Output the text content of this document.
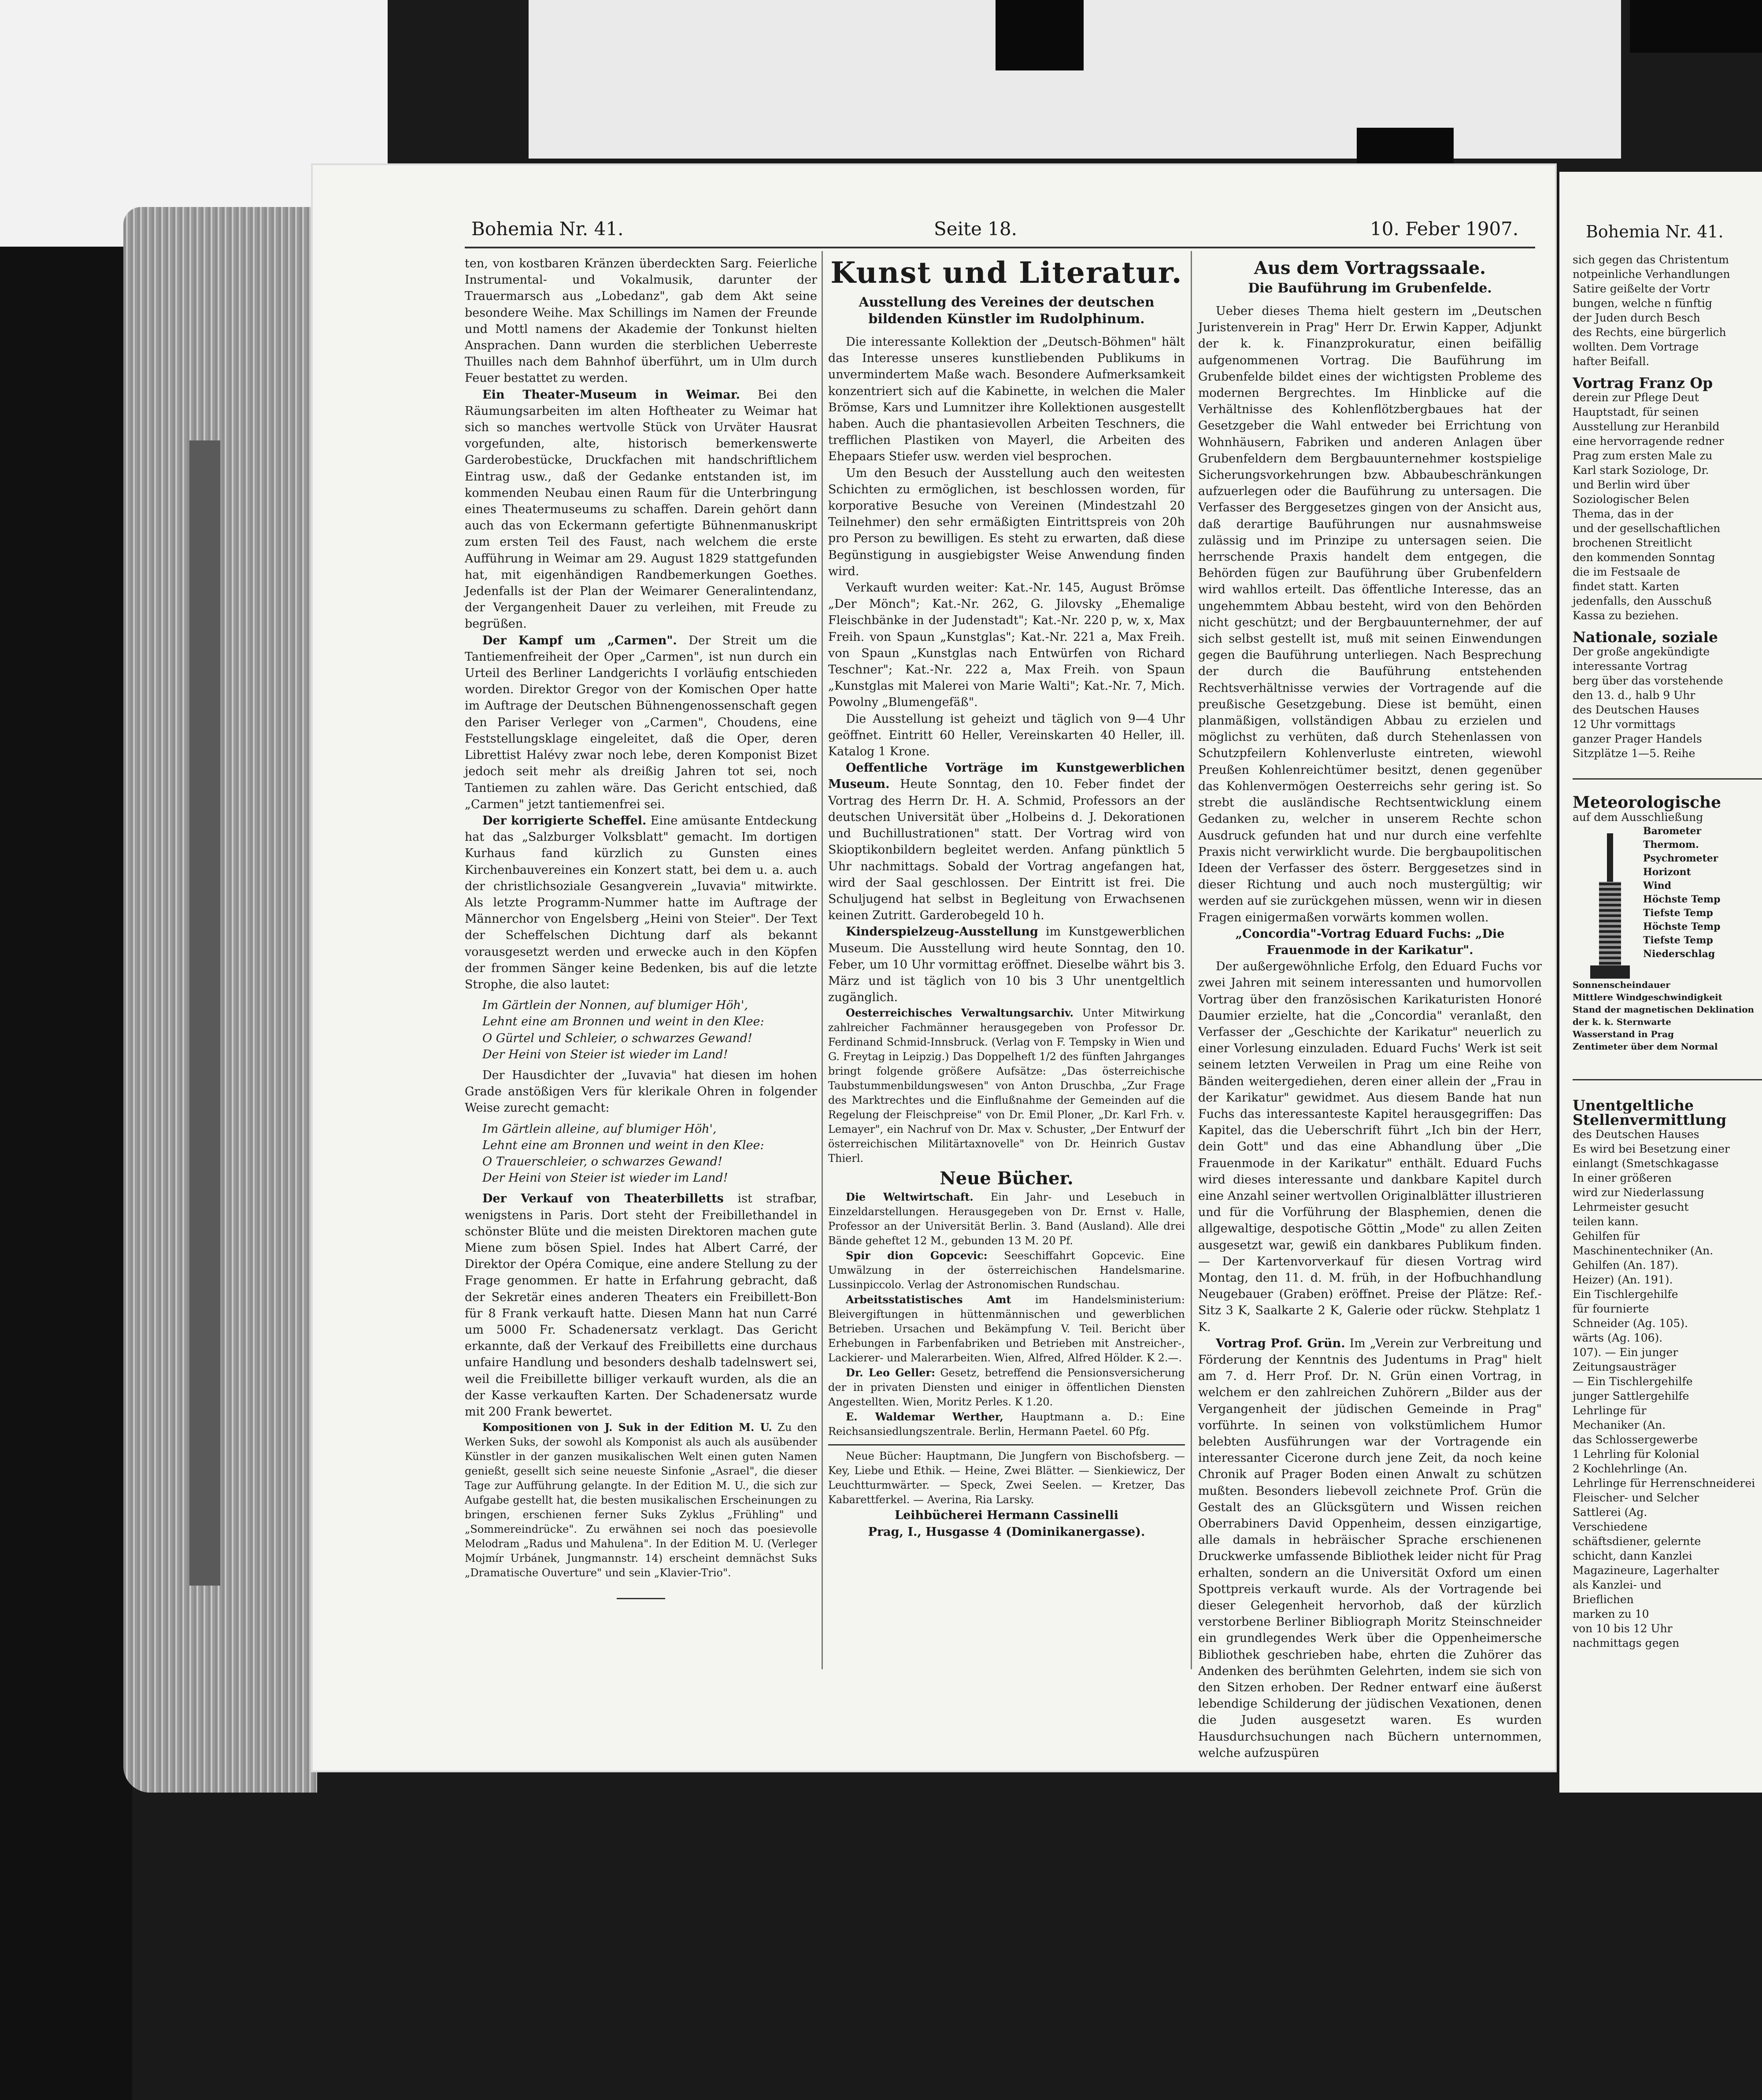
Bohemia Nr. 41.	Seite 18.	10. Feber 1907.

ten, von kostbaren Kränzen überdeckten Sarg. Feierliche Instrumental- und Vokalmusik, darunter der Trauermarsch aus „Lobedanz", gab dem Akt seine besondere Weihe. Max Schillings im Namen der Freunde und Mottl namens der Akademie der Tonkunst hielten Ansprachen. Dann wurden die sterblichen Ueberreste Thuilles nach dem Bahnhof überführt, um in Ulm durch Feuer bestattet zu werden.

Ein Theater-Museum in Weimar. Bei den Räumungsarbeiten im alten Hoftheater zu Weimar hat sich so manches wertvolle Stück von Urväter Hausrat vorgefunden, alte, historisch bemerkenswerte Garderobestücke, Druckfachen mit handschriftlichem Eintrag usw., daß der Gedanke entstanden ist, im kommenden Neubau einen Raum für die Unterbringung eines Theatermuseums zu schaffen. Darein gehört dann auch das von Eckermann gefertigte Bühnenmanuskript zum ersten Teil des Faust, nach welchem die erste Aufführung in Weimar am 29. August 1829 stattgefunden hat, mit eigenhändigen Randbemerkungen Goethes. Jedenfalls ist der Plan der Weimarer Generalintendanz, der Vergangenheit Dauer zu verleihen, mit Freude zu begrüßen.

Der Kampf um „Carmen". Der Streit um die Tantiemenfreiheit der Oper „Carmen", ist nun durch ein Urteil des Berliner Landgerichts I vorläufig entschieden worden. Direktor Gregor von der Komischen Oper hatte im Auftrage der Deutschen Bühnengenossenschaft gegen den Pariser Verleger von „Carmen", Choudens, eine Feststellungsklage eingeleitet, daß die Oper, deren Librettist Halévy zwar noch lebe, deren Komponist Bizet jedoch seit mehr als dreißig Jahren tot sei, noch Tantiemen zu zahlen wäre. Das Gericht entschied, daß „Carmen" jetzt tantiemenfrei sei.

Der korrigierte Scheffel. Eine amüsante Entdeckung hat das „Salzburger Volksblatt" gemacht. Im dortigen Kurhaus fand kürzlich zu Gunsten eines Kirchenbauvereines ein Konzert statt, bei dem u. a. auch der christlichsoziale Gesangverein „Iuvavia" mitwirkte. Als letzte Programm-Nummer hatte im Auftrage der Männerchor von Engelsberg „Heini von Steier". Der Text der Scheffelschen Dichtung darf als bekannt vorausgesetzt werden und erwecke auch in den Köpfen der frommen Sänger keine Bedenken, bis auf die letzte Strophe, die also lautet:

Im Gärtlein der Nonnen, auf blumiger Höh',

Lehnt eine am Bronnen und weint in den Klee:

O Gürtel und Schleier, o schwarzes Gewand!

Der Heini von Steier ist wieder im Land!

Der Hausdichter der „Iuvavia" hat diesen im hohen Grade anstößigen Vers für klerikale Ohren in folgender Weise zurecht gemacht:

Im Gärtlein alleine, auf blumiger Höh',

Lehnt eine am Bronnen und weint in den Klee:

O Trauerschleier, o schwarzes Gewand!

Der Heini von Steier ist wieder im Land!

Der Verkauf von Theaterbilletts ist strafbar, wenigstens in Paris. Dort steht der Freibillethandel in schönster Blüte und die meisten Direktoren machen gute Miene zum bösen Spiel. Indes hat Albert Carré, der Direktor der Opéra Comique, eine andere Stellung zu der Frage genommen. Er hatte in Erfahrung gebracht, daß der Sekretär eines anderen Theaters ein Freibillett-Bon für 8 Frank verkauft hatte. Diesen Mann hat nun Carré um 5000 Fr. Schadenersatz verklagt. Das Gericht erkannte, daß der Verkauf des Freibilletts eine durchaus unfaire Handlung und besonders deshalb tadelnswert sei, weil die Freibillette billiger verkauft wurden, als die an der Kasse verkauften Karten. Der Schadenersatz wurde mit 200 Frank bewertet.

Kompositionen von J. Suk in der Edition M. U. Zu den Werken Suks, der sowohl als Komponist als auch als ausübender Künstler in der ganzen musikalischen Welt einen guten Namen genießt, gesellt sich seine neueste Sinfonie „Asrael", die dieser Tage zur Aufführung gelangte. In der Edition M. U., die sich zur Aufgabe gestellt hat, die besten musikalischen Erscheinungen zu bringen, erschienen ferner Suks Zyklus „Frühling" und „Sommereindrücke". Zu erwähnen sei noch das poesievolle Melodram „Radus und Mahulena". In der Edition M. U. (Verleger Mojmír Urbánek, Jungmannstr. 14) erscheint demnächst Suks „Dramatische Ouverture" und sein „Klavier-Trio".

Kunst und Literatur.
Ausstellung des Vereines der deutschen bildenden Künstler im Rudolphinum.

Die interessante Kollektion der „Deutsch-Böhmen" hält das Interesse unseres kunstliebenden Publikums in unvermindertem Maße wach. Besondere Aufmerksamkeit konzentriert sich auf die Kabinette, in welchen die Maler Brömse, Kars und Lumnitzer ihre Kollektionen ausgestellt haben. Auch die phantasievollen Arbeiten Teschners, die trefflichen Plastiken von Mayerl, die Arbeiten des Ehepaars Stiefer usw. werden viel besprochen.

Um den Besuch der Ausstellung auch den weitesten Schichten zu ermöglichen, ist beschlossen worden, für korporative Besuche von Vereinen (Mindestzahl 20 Teilnehmer) den sehr ermäßigten Eintrittspreis von 20h pro Person zu bewilligen. Es steht zu erwarten, daß diese Begünstigung in ausgiebigster Weise Anwendung finden wird.

Verkauft wurden weiter: Kat.-Nr. 145, August Brömse „Der Mönch"; Kat.-Nr. 262, G. Jilovsky „Ehemalige Fleischbänke in der Judenstadt"; Kat.-Nr. 220 p, w, x, Max Freih. von Spaun „Kunstglas"; Kat.-Nr. 221 a, Max Freih. von Spaun „Kunstglas nach Entwürfen von Richard Teschner"; Kat.-Nr. 222 a, Max Freih. von Spaun „Kunstglas mit Malerei von Marie Walti"; Kat.-Nr. 7, Mich. Powolny „Blumengefäß".

Die Ausstellung ist geheizt und täglich von 9—4 Uhr geöffnet. Eintritt 60 Heller, Vereinskarten 40 Heller, ill. Katalog 1 Krone.

Oeffentliche Vorträge im Kunstgewerblichen Museum. Heute Sonntag, den 10. Feber findet der Vortrag des Herrn Dr. H. A. Schmid, Professors an der deutschen Universität über „Holbeins d. J. Dekorationen und Buchillustrationen" statt. Der Vortrag wird von Skioptikonbildern begleitet werden. Anfang pünktlich 5 Uhr nachmittags. Sobald der Vortrag angefangen hat, wird der Saal geschlossen. Der Eintritt ist frei. Die Schuljugend hat selbst in Begleitung von Erwachsenen keinen Zutritt. Garderobegeld 10 h.

Kinderspielzeug-Ausstellung im Kunstgewerblichen Museum. Die Ausstellung wird heute Sonntag, den 10. Feber, um 10 Uhr vormittag eröffnet. Dieselbe währt bis 3. März und ist täglich von 10 bis 3 Uhr unentgeltlich zugänglich.

Oesterreichisches Verwaltungsarchiv. Unter Mitwirkung zahlreicher Fachmänner herausgegeben von Professor Dr. Ferdinand Schmid-Innsbruck. (Verlag von F. Tempsky in Wien und G. Freytag in Leipzig.) Das Doppelheft 1/2 des fünften Jahrganges bringt folgende größere Aufsätze: „Das österreichische Taubstummenbildungswesen" von Anton Druschba, „Zur Frage des Marktrechtes und die Einflußnahme der Gemeinden auf die Regelung der Fleischpreise" von Dr. Emil Ploner, „Dr. Karl Frh. v. Lemayer", ein Nachruf von Dr. Max v. Schuster, „Der Entwurf der österreichischen Militärtaxnovelle" von Dr. Heinrich Gustav Thierl.

Neue Bücher.

Die Weltwirtschaft. Ein Jahr- und Lesebuch in Einzeldarstellungen. Herausgegeben von Dr. Ernst v. Halle, Professor an der Universität Berlin. 3. Band (Ausland). Alle drei Bände geheftet 12 M., gebunden 13 M. 20 Pf.

Spir dion Gopcevic: Seeschiffahrt Gopcevic. Eine Umwälzung in der österreichischen Handelsmarine. Lussinpiccolo. Verlag der Astronomischen Rundschau.

Arbeitsstatistisches Amt im Handelsministerium: Bleivergiftungen in hüttenmännischen und gewerblichen Betrieben. Ursachen und Bekämpfung V. Teil. Bericht über Erhebungen in Farbenfabriken und Betrieben mit Anstreicher-, Lackierer- und Malerarbeiten. Wien, Alfred, Alfred Hölder. K 2.—.

Dr. Leo Geller: Gesetz, betreffend die Pensionsversicherung der in privaten Diensten und einiger in öffentlichen Diensten Angestellten. Wien, Moritz Perles. K 1.20.

E. Waldemar Werther, Hauptmann a. D.: Eine Reichsansiedlungszentrale. Berlin, Hermann Paetel. 60 Pfg.

Neue Bücher: Hauptmann, Die Jungfern von Bischofsberg. — Key, Liebe und Ethik. — Heine, Zwei Blätter. — Sienkiewicz, Der Leuchtturmwärter. — Speck, Zwei Seelen. — Kretzer, Das Kabarettferkel. — Averina, Ria Larsky.

Leihbücherei Hermann Cassinelli

Prag, I., Husgasse 4 (Dominikanergasse).

Aus dem Vortragssaale.
Die Bauführung im Grubenfelde.

Ueber dieses Thema hielt gestern im „Deutschen Juristenverein in Prag" Herr Dr. Erwin Kapper, Adjunkt der k. k. Finanzprokuratur, einen beifällig aufgenommenen Vortrag. Die Bauführung im Grubenfelde bildet eines der wichtigsten Probleme des modernen Bergrechtes. Im Hinblicke auf die Verhältnisse des Kohlenflötzbergbaues hat der Gesetzgeber die Wahl entweder bei Errichtung von Wohnhäusern, Fabriken und anderen Anlagen über Grubenfeldern dem Bergbauunternehmer kostspielige Sicherungsvorkehrungen bzw. Abbaubeschränkungen aufzuerlegen oder die Bauführung zu untersagen. Die Verfasser des Berggesetzes gingen von der Ansicht aus, daß derartige Bauführungen nur ausnahmsweise zulässig und im Prinzipe zu untersagen seien. Die herrschende Praxis handelt dem entgegen, die Behörden fügen zur Bauführung über Grubenfeldern wird wahllos erteilt. Das öffentliche Interesse, das an ungehemmtem Abbau besteht, wird von den Behörden nicht geschützt; und der Bergbauunternehmer, der auf sich selbst gestellt ist, muß mit seinen Einwendungen gegen die Bauführung unterliegen. Nach Besprechung der durch die Bauführung entstehenden Rechtsverhältnisse verwies der Vortragende auf die preußische Gesetzgebung. Diese ist bemüht, einen planmäßigen, vollständigen Abbau zu erzielen und möglichst zu verhüten, daß durch Stehenlassen von Schutzpfeilern Kohlenverluste eintreten, wiewohl Preußen Kohlenreichtümer besitzt, denen gegenüber das Kohlenvermögen Oesterreichs sehr gering ist. So strebt die ausländische Rechtsentwicklung einem Gedanken zu, welcher in unserem Rechte schon Ausdruck gefunden hat und nur durch eine verfehlte Praxis nicht verwirklicht wurde. Die bergbaupolitischen Ideen der Verfasser des österr. Berggesetzes sind in dieser Richtung und auch noch mustergültig; wir werden auf sie zurückgehen müssen, wenn wir in diesen Fragen einigermaßen vorwärts kommen wollen.

„Concordia"-Vortrag Eduard Fuchs: „Die Frauenmode in der Karikatur".

Der außergewöhnliche Erfolg, den Eduard Fuchs vor zwei Jahren mit seinem interessanten und humorvollen Vortrag über den französischen Karikaturisten Honoré Daumier erzielte, hat die „Concordia" veranlaßt, den Verfasser der „Geschichte der Karikatur" neuerlich zu einer Vorlesung einzuladen. Eduard Fuchs' Werk ist seit seinem letzten Verweilen in Prag um eine Reihe von Bänden weitergediehen, deren einer allein der „Frau in der Karikatur" gewidmet. Aus diesem Bande hat nun Fuchs das interessanteste Kapitel herausgegriffen: Das Kapitel, das die Ueberschrift führt „Ich bin der Herr, dein Gott" und das eine Abhandlung über „Die Frauenmode in der Karikatur" enthält. Eduard Fuchs wird dieses interessante und dankbare Kapitel durch eine Anzahl seiner wertvollen Originalblätter illustrieren und für die Vorführung der Blasphemien, denen die allgewaltige, despotische Göttin „Mode" zu allen Zeiten ausgesetzt war, gewiß ein dankbares Publikum finden. — Der Kartenvorverkauf für diesen Vortrag wird Montag, den 11. d. M. früh, in der Hofbuchhandlung Neugebauer (Graben) eröffnet. Preise der Plätze: Ref.-Sitz 3 K, Saalkarte 2 K, Galerie oder rückw. Stehplatz 1 K.

Vortrag Prof. Grün. Im „Verein zur Verbreitung und Förderung der Kenntnis des Judentums in Prag" hielt am 7. d. Herr Prof. Dr. N. Grün einen Vortrag, in welchem er den zahlreichen Zuhörern „Bilder aus der Vergangenheit der jüdischen Gemeinde in Prag" vorführte. In seinen von volkstümlichem Humor belebten Ausführungen war der Vortragende ein interessanter Cicerone durch jene Zeit, da noch keine Chronik auf Prager Boden einen Anwalt zu schützen mußten. Besonders liebevoll zeichnete Prof. Grün die Gestalt des an Glücksgütern und Wissen reichen Oberrabiners David Oppenheim, dessen einzigartige, alle damals in hebräischer Sprache erschienenen Druckwerke umfassende Bibliothek leider nicht für Prag erhalten, sondern an die Universität Oxford um einen Spottpreis verkauft wurde. Als der Vortragende bei dieser Gelegenheit hervorhob, daß der kürzlich verstorbene Berliner Bibliograph Moritz Steinschneider ein grundlegendes Werk über die Oppenheimersche Bibliothek geschrieben habe, ehrten die Zuhörer das Andenken des berühmten Gelehrten, indem sie sich von den Sitzen erhoben. Der Redner entwarf eine äußerst lebendige Schilderung der jüdischen Vexationen, denen die Juden ausgesetzt waren. Es wurden Hausdurchsuchungen nach Büchern unternommen, welche aufzuspüren

Bohemia Nr. 41.

sich gegen das Christentum

notpeinliche Verhandlungen

Satire geißelte der Vortr

bungen, welche n fünftig

der Juden durch Besch

des Rechts, eine bürgerlich

wollten. Dem Vortrage

hafter Beifall.

Vortrag Franz Op

derein zur Pflege Deut

Hauptstadt, für seinen

Ausstellung zur Heranbild

eine hervorragende redner

Prag zum ersten Male zu

Karl stark Soziologe, Dr.

und Berlin wird über

Soziologischer Belen

Thema, das in der

und der gesellschaftlichen

brochenen Streitlicht

den kommenden Sonntag

die im Festsaale de

findet statt. Karten

jedenfalls, den Ausschuß

Kassa zu beziehen.

Nationale, soziale

Der große angekündigte

interessante Vortrag

berg über das vorstehende

den 13. d., halb 9 Uhr

des Deutschen Hauses

12 Uhr vormittags

ganzer Prager Handels

Sitzplätze 1—5. Reihe

Meteorologische

auf dem Ausschließung

Barometer

Thermom.

Psychrometer

Horizont

Wind

Höchste Temp

Tiefste Temp

Höchste Temp

Tiefste Temp

Niederschlag

Sonnenscheindauer

Mittlere Windgeschwindigkeit

Stand der magnetischen Deklination

der k. k. Sternwarte

Wasserstand in Prag

Zentimeter über dem Normal

Unentgeltliche Stellenvermittlung

des Deutschen Hauses

Es wird bei Besetzung einer

einlangt (Smetschkagasse

In einer größeren

wird zur Niederlassung

Lehrmeister gesucht

teilen kann.

Gehilfen für

Maschinentechniker (An.

Gehilfen (An. 187).

Heizer) (An. 191).

Ein Tischlergehilfe

für fournierte

Schneider (Ag. 105).

wärts (Ag. 106).

107). — Ein junger

Zeitungsausträger

— Ein Tischlergehilfe

junger Sattlergehilfe

Lehrlinge für

Mechaniker (An.

das Schlossergewerbe

1 Lehrling für Kolonial

2 Kochlehrlinge (An.

Lehrlinge für Herrenschneiderei

Fleischer- und Selcher

Sattlerei (Ag.

Verschiedene

schäftsdiener, gelernte

schicht, dann Kanzlei

Magazineure, Lagerhalter

als Kanzlei- und

Brieflichen

marken zu 10

von 10 bis 12 Uhr

nachmittags gegen
